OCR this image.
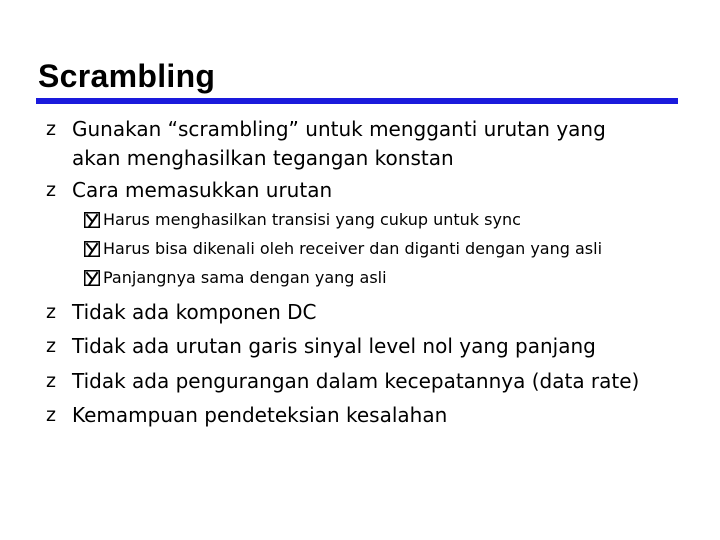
Scrambling
z Gunakan “scrambling” untuk mengganti urutan yang
akan menghasilkan tegangan konstan
z Cara memasukkan urutan
Harus menghasilkan transisi yang cukup untuk sync
Harus bisa dikenali oleh receiver dan diganti dengan yang asli
Panjangnya sama dengan yang asli
z Tidak ada komponen DC
z Tidak ada urutan garis sinyal level nol yang panjang
z Tidak ada pengurangan dalam kecepatannya (data rate)
z Kemampuan pendeteksian kesalahan
